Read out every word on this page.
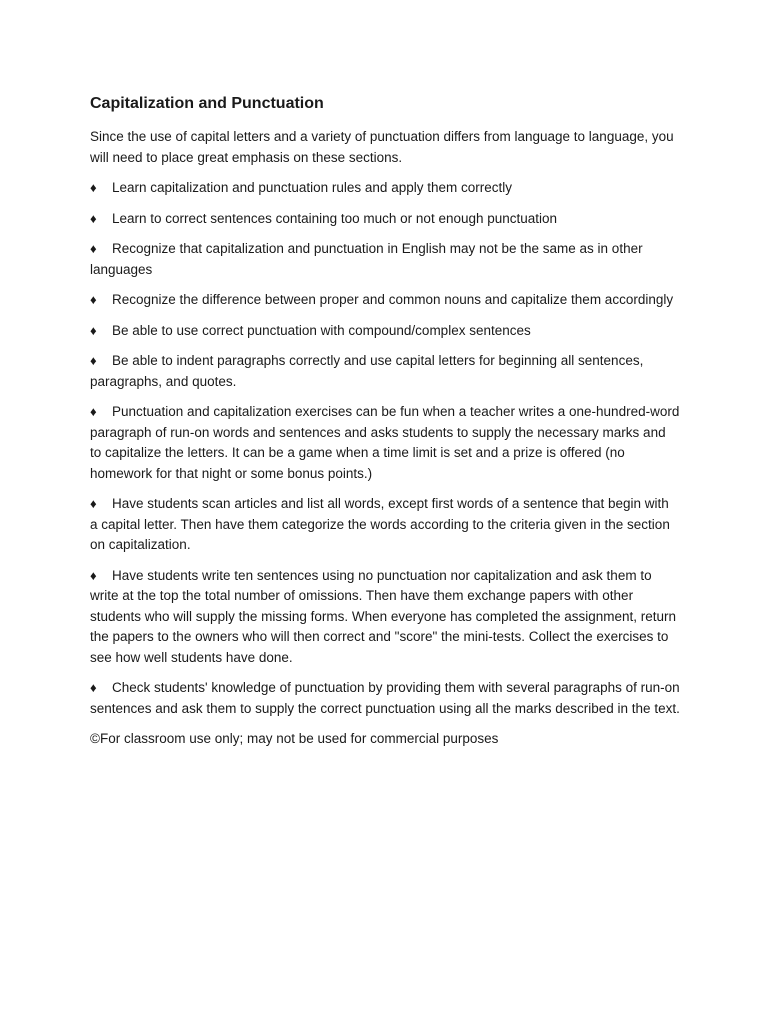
Capitalization and Punctuation

Since the use of capital letters and a variety of punctuation differs from language to language, you will need to place great emphasis on these sections.

♦ Learn capitalization and punctuation rules and apply them correctly
♦ Learn to correct sentences containing too much or not enough punctuation
♦ Recognize that capitalization and punctuation in English may not be the same as in other languages
♦ Recognize the difference between proper and common nouns and capitalize them accordingly
♦ Be able to use correct punctuation with compound/complex sentences
♦ Be able to indent paragraphs correctly and use capital letters for beginning all sentences, paragraphs, and quotes.
♦ Punctuation and capitalization exercises can be fun when a teacher writes a one-hundred-word paragraph of run-on words and sentences and asks students to supply the necessary marks and to capitalize the letters. It can be a game when a time limit is set and a prize is offered (no homework for that night or some bonus points.)
♦ Have students scan articles and list all words, except first words of a sentence that begin with a capital letter. Then have them categorize the words according to the criteria given in the section on capitalization.
♦ Have students write ten sentences using no punctuation nor capitalization and ask them to write at the top the total number of omissions. Then have them exchange papers with other students who will supply the missing forms. When everyone has completed the assignment, return the papers to the owners who will then correct and "score" the mini-tests. Collect the exercises to see how well students have done.
♦ Check students' knowledge of punctuation by providing them with several paragraphs of run-on sentences and ask them to supply the correct punctuation using all the marks described in the text.

©For classroom use only; may not be used for commercial purposes
